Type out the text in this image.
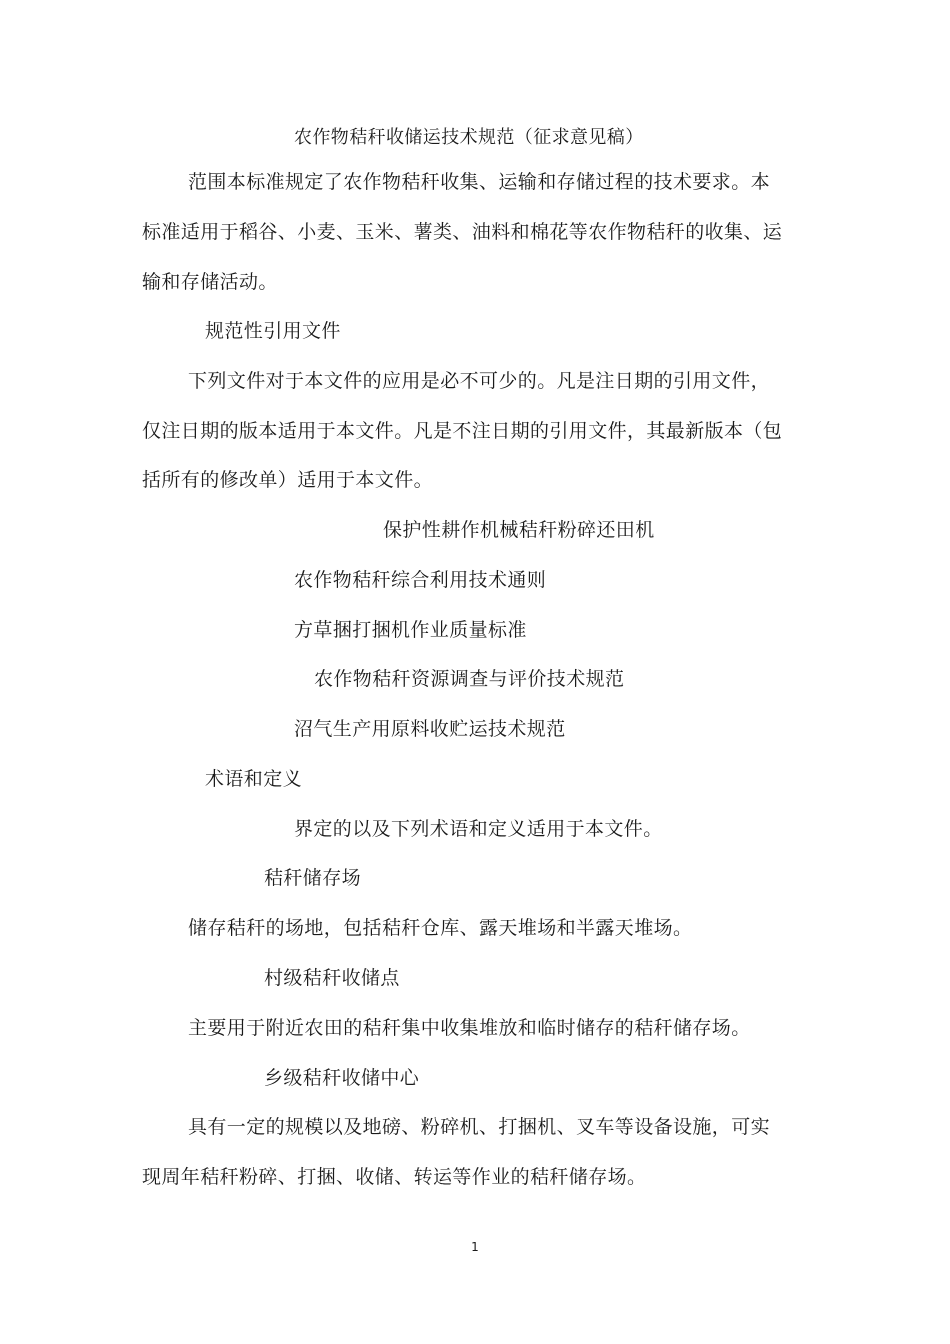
农作物秸秆收储运技术规范（征求意见稿）
范围本标准规定了农作物秸秆收集、运输和存储过程的技术要求。本
标准适用于稻谷、小麦、玉米、薯类、油料和棉花等农作物秸秆的收集、运
输和存储活动。
规范性引用文件
下列文件对于本文件的应用是必不可少的。凡是注日期的引用文件，
仅注日期的版本适用于本文件。凡是不注日期的引用文件，其最新版本（包
括所有的修改单）适用于本文件。
保护性耕作机械秸秆粉碎还田机
农作物秸秆综合利用技术通则
方草捆打捆机作业质量标准
农作物秸秆资源调查与评价技术规范
沼气生产用原料收贮运技术规范
术语和定义
界定的以及下列术语和定义适用于本文件。
秸秆储存场
储存秸秆的场地，包括秸秆仓库、露天堆场和半露天堆场。
村级秸秆收储点
主要用于附近农田的秸秆集中收集堆放和临时储存的秸秆储存场。
乡级秸秆收储中心
具有一定的规模以及地磅、粉碎机、打捆机、叉车等设备设施，可实
现周年秸秆粉碎、打捆、收储、转运等作业的秸秆储存场。
1
